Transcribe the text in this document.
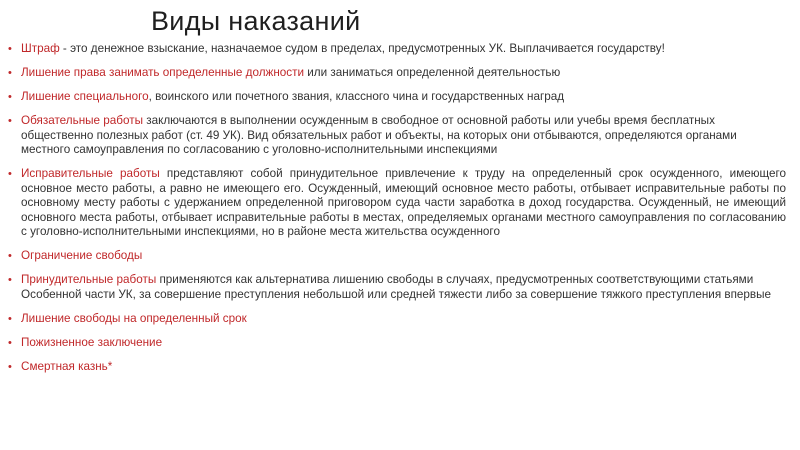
Виды наказаний
• Штраф - это денежное взыскание, назначаемое судом в пределах, предусмотренных УК. Выплачивается государству!
• Лишение права занимать определенные должности или заниматься определенной деятельностью
• Лишение специального, воинского или почетного звания, классного чина и государственных наград
• Обязательные работы заключаются в выполнении осужденным в свободное от основной работы или учебы время бесплатных общественно полезных работ (ст. 49 УК). Вид обязательных работ и объекты, на которых они отбываются, определяются органами местного самоуправления по согласованию с уголовно-исполнительными инспекциями
• Исправительные работы представляют собой принудительное привлечение к труду на определенный срок осужденного, имеющего основное место работы, а равно не имеющего его. Осужденный, имеющий основное место работы, отбывает исправительные работы по основному месту работы с удержанием определенной приговором суда части заработка в доход государства. Осужденный, не имеющий основного места работы, отбывает исправительные работы в местах, определяемых органами местного самоуправления по согласованию с уголовно-исполнительными инспекциями, но в районе места жительства осужденного
• Ограничение свободы
• Принудительные работы применяются как альтернатива лишению свободы в случаях, предусмотренных соответствующими статьями Особенной части УК, за совершение преступления небольшой или средней тяжести либо за совершение тяжкого преступления впервые
• Лишение свободы на определенный срок
• Пожизненное заключение
• Смертная казнь*
